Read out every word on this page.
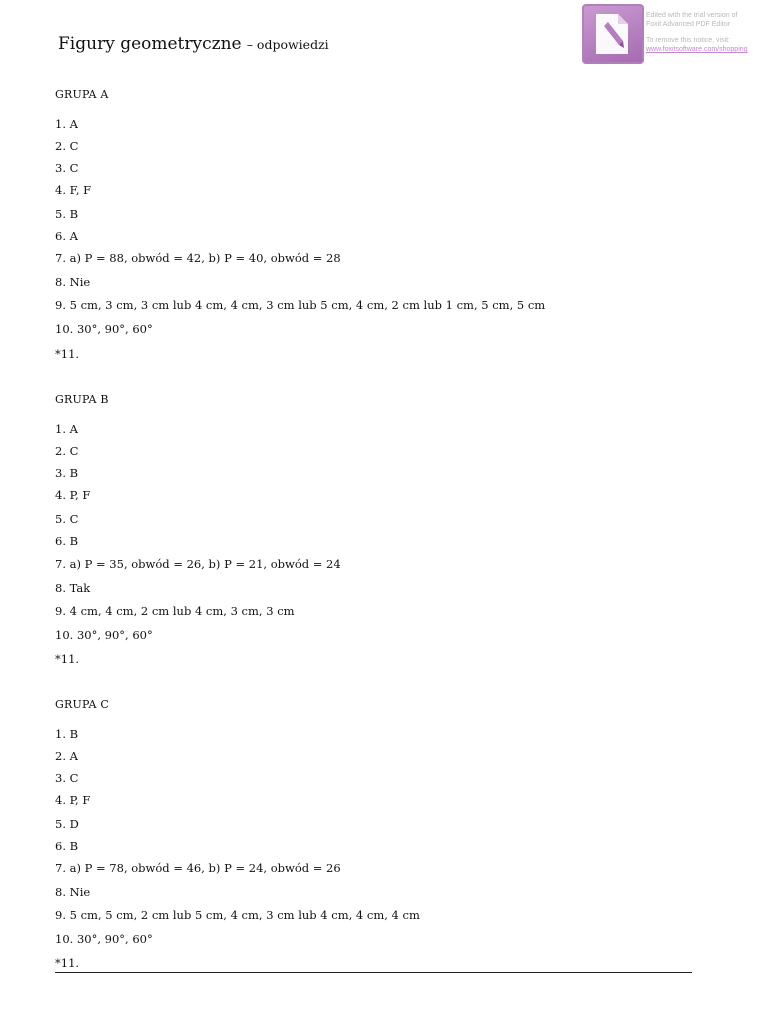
Figury geometryczne – odpowiedzi
Edited with the trial version of
Foxit Advanced PDF Editor
To remove this notice, visit:
www.foxitsoftware.com/shopping
GRUPA A
1. A
2. C
3. C
4. F, F
5. B
6. A
7. a) P = 88, obwód = 42, b) P = 40, obwód = 28
8. Nie
9. 5 cm, 3 cm, 3 cm lub 4 cm, 4 cm, 3 cm lub 5 cm, 4 cm, 2 cm lub 1 cm, 5 cm, 5 cm
10. 30°, 90°, 60°
*11.
GRUPA B
1. A
2. C
3. B
4. P, F
5. C
6. B
7. a) P = 35, obwód = 26, b) P = 21, obwód = 24
8. Tak
9. 4 cm, 4 cm, 2 cm lub 4 cm, 3 cm, 3 cm
10. 30°, 90°, 60°
*11.
GRUPA C
1. B
2. A
3. C
4. P, F
5. D
6. B
7. a) P = 78, obwód = 46, b) P = 24, obwód = 26
8. Nie
9. 5 cm, 5 cm, 2 cm lub 5 cm, 4 cm, 3 cm lub 4 cm, 4 cm, 4 cm
10. 30°, 90°, 60°
*11.
